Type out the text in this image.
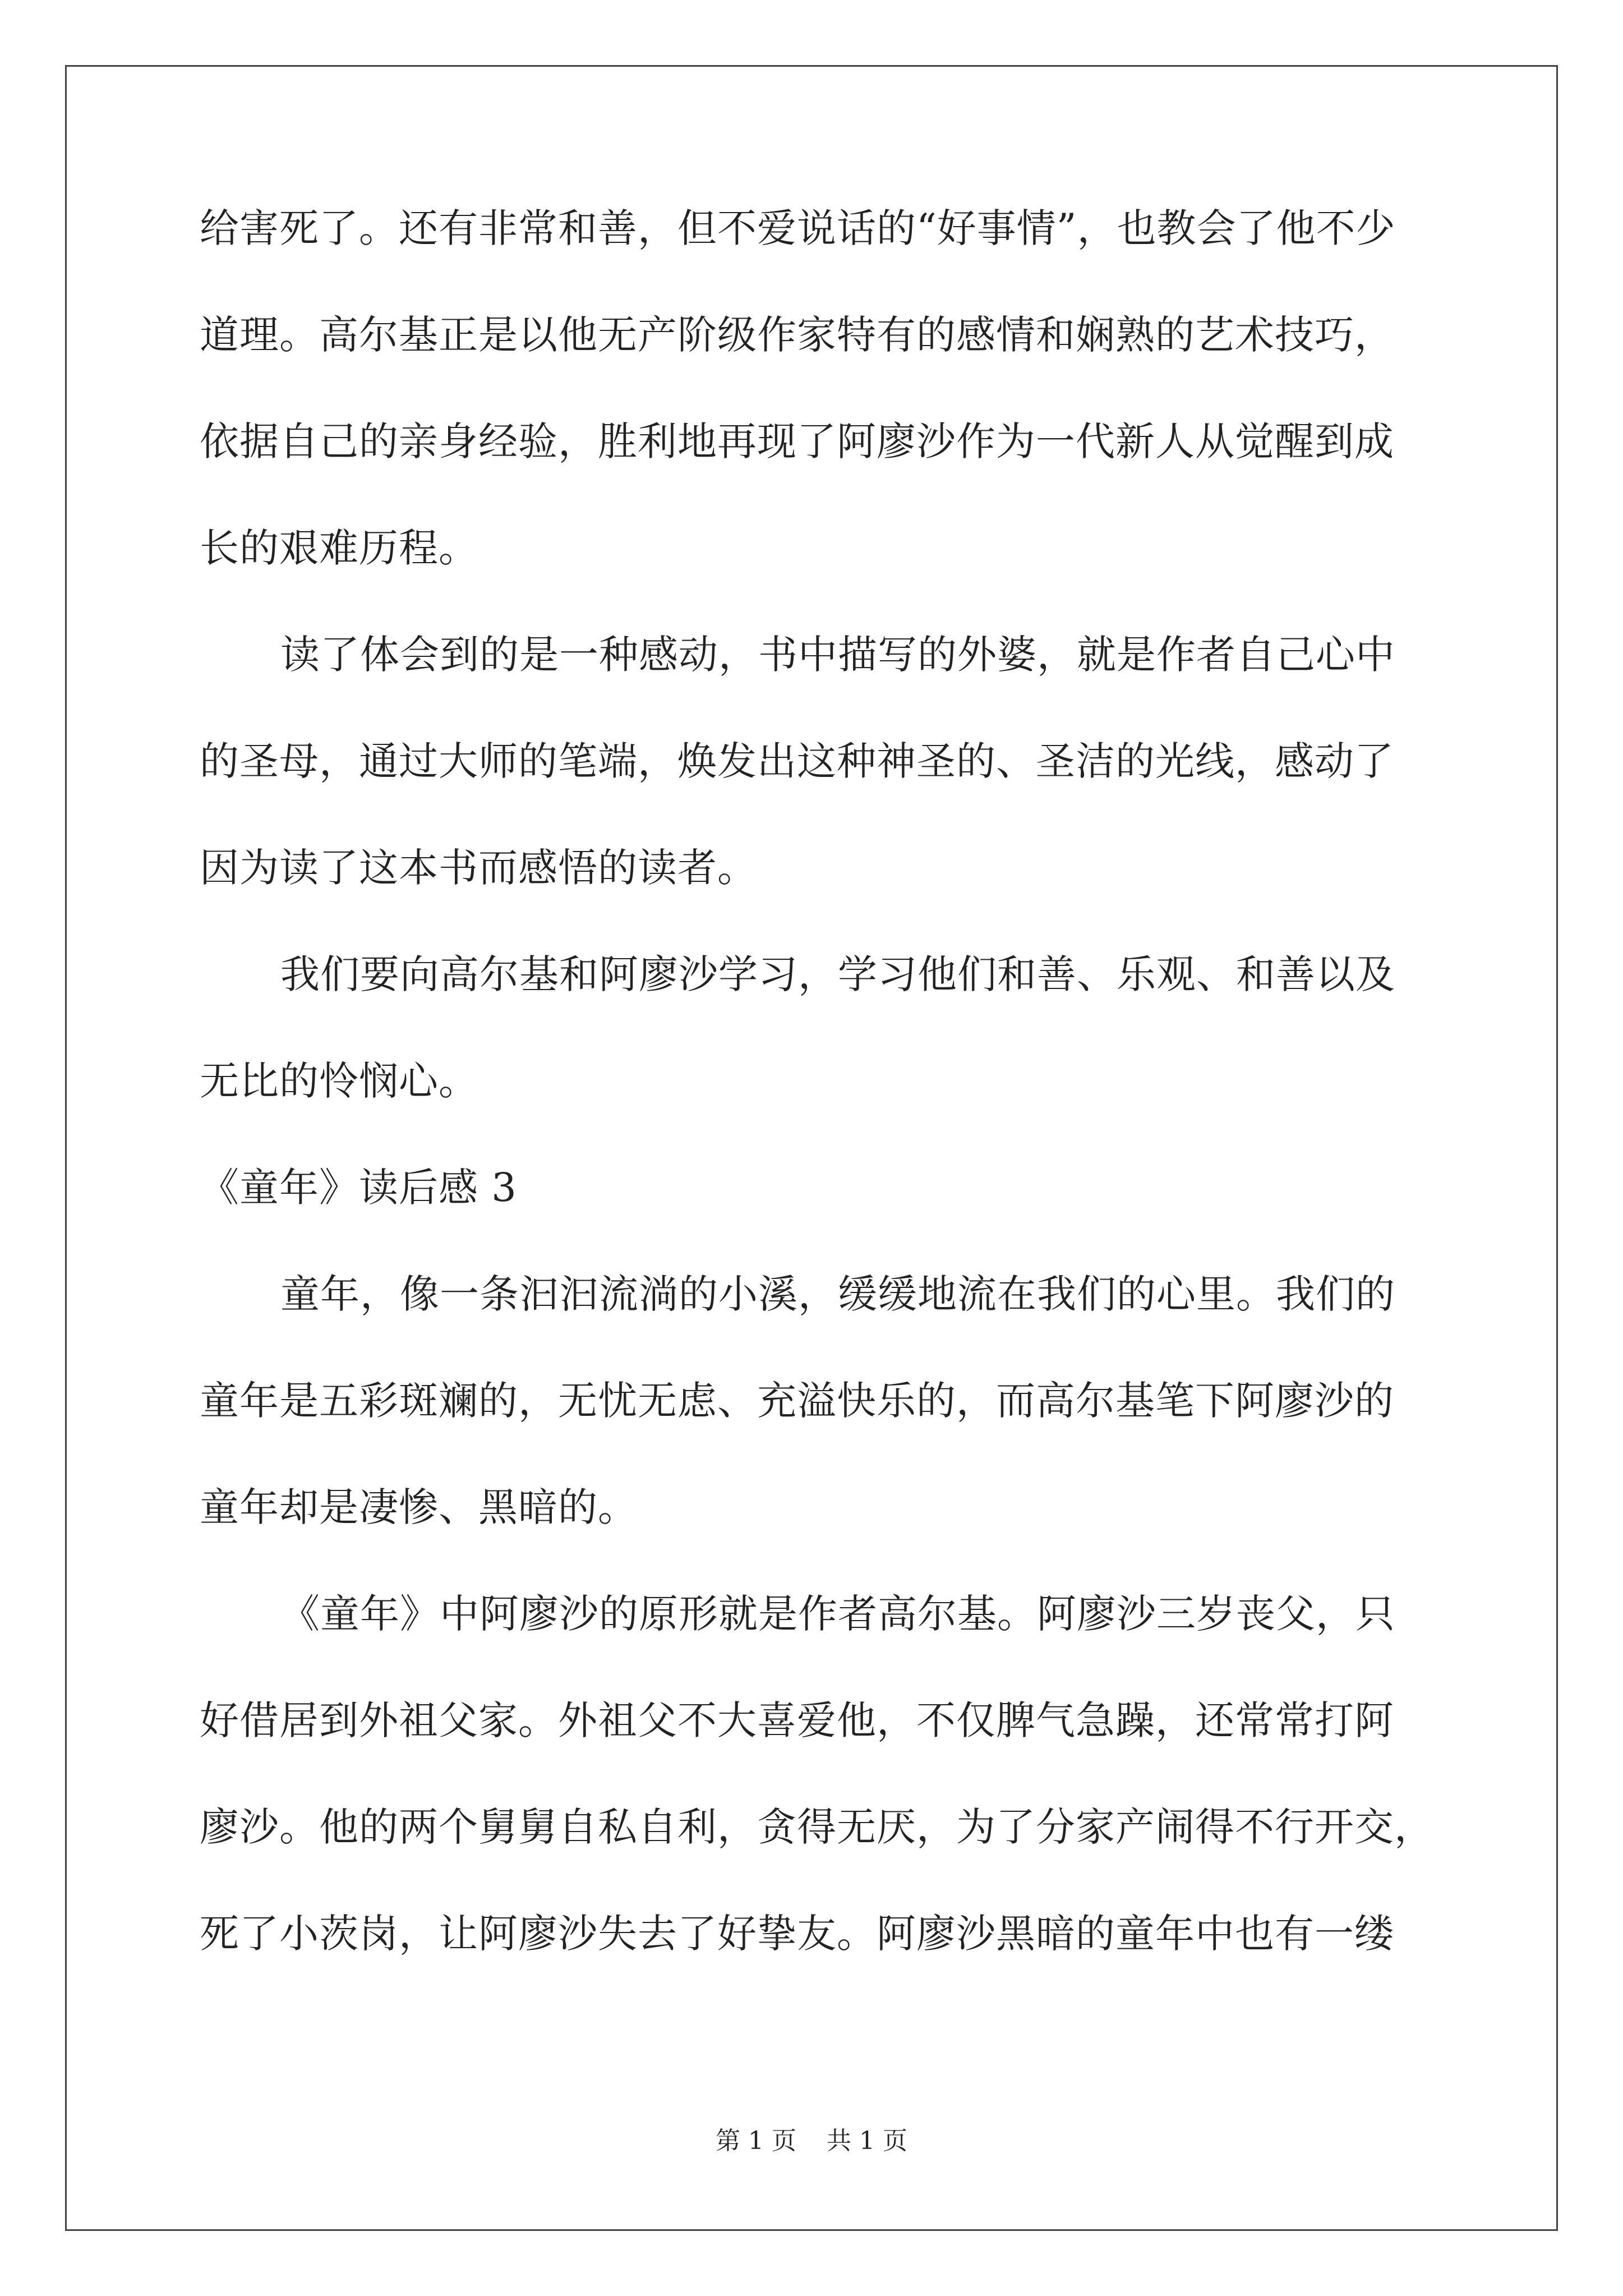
给害死了。还有非常和善，但不爱说话的“好事情”，也教会了他不少
道理。高尔基正是以他无产阶级作家特有的感情和娴熟的艺术技巧，
依据自己的亲身经验，胜利地再现了阿廖沙作为一代新人从觉醒到成
长的艰难历程。
读了体会到的是一种感动，书中描写的外婆，就是作者自己心中
的圣母，通过大师的笔端，焕发出这种神圣的、圣洁的光线，感动了
因为读了这本书而感悟的读者。
我们要向高尔基和阿廖沙学习，学习他们和善、乐观、和善以及
无比的怜悯心。
《童年》读后感 3
童年，像一条汩汩流淌的小溪，缓缓地流在我们的心里。我们的
童年是五彩斑斓的，无忧无虑、充溢快乐的，而高尔基笔下阿廖沙的
童年却是凄惨、黑暗的。
《童年》中阿廖沙的原形就是作者高尔基。阿廖沙三岁丧父，只
好借居到外祖父家。外祖父不大喜爱他，不仅脾气急躁，还常常打阿
廖沙。他的两个舅舅自私自利，贪得无厌，为了分家产闹得不行开交，
死了小茨岗，让阿廖沙失去了好挚友。阿廖沙黑暗的童年中也有一缕
第 1 页 共 1 页
